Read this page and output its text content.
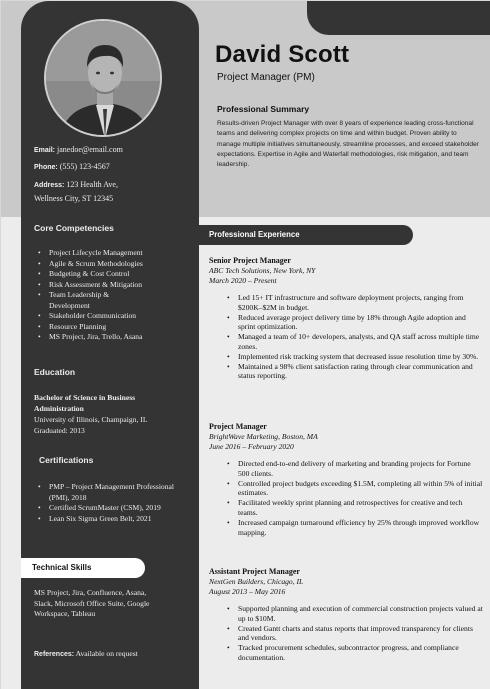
David Scott
Project Manager (PM)
Professional Summary
Results-driven Project Manager with over 8 years of experience leading cross-functional teams and delivering complex projects on time and within budget. Proven ability to manage multiple initiatives simultaneously, streamline processes, and exceed stakeholder expectations. Expertise in Agile and Waterfall methodologies, risk mitigation, and team leadership.
Email: janedoe@email.com
Phone: (555) 123-4567
Address: 123 Health Ave,
Wellness City, ST 12345
Core Competencies
• Project Lifecycle Management
• Agile & Scrum Methodologies
• Budgeting & Cost Control
• Risk Assessment & Mitigation
• Team Leadership & Development
• Stakeholder Communication
• Resource Planning
• MS Project, Jira, Trello, Asana
Education
Bachelor of Science in Business Administration
University of Illinois, Champaign, IL
Graduated: 2013
Certifications
• PMP – Project Management Professional (PMI), 2018
• Certified ScrumMaster (CSM), 2019
• Lean Six Sigma Green Belt, 2021
Technical Skills
MS Project, Jira, Confluence, Asana, Slack, Microsoft Office Suite, Google Workspace, Tableau
References: Available on request
Professional Experience
Senior Project Manager
ABC Tech Solutions, New York, NY
March 2020 – Present
• Led 15+ IT infrastructure and software deployment projects, ranging from $200K–$2M in budget.
• Reduced average project delivery time by 18% through Agile adoption and sprint optimization.
• Managed a team of 10+ developers, analysts, and QA staff across multiple time zones.
• Implemented risk tracking system that decreased issue resolution time by 30%.
• Maintained a 98% client satisfaction rating through clear communication and status reporting.
Project Manager
BrightWave Marketing, Boston, MA
June 2016 – February 2020
• Directed end-to-end delivery of marketing and branding projects for Fortune 500 clients.
• Controlled project budgets exceeding $1.5M, completing all within 5% of initial estimates.
• Facilitated weekly sprint planning and retrospectives for creative and tech teams.
• Increased campaign turnaround efficiency by 25% through improved workflow mapping.
Assistant Project Manager
NextGen Builders, Chicago, IL
August 2013 – May 2016
• Supported planning and execution of commercial construction projects valued at up to $10M.
• Created Gantt charts and status reports that improved transparency for clients and vendors.
• Tracked procurement schedules, subcontractor progress, and compliance documentation.
